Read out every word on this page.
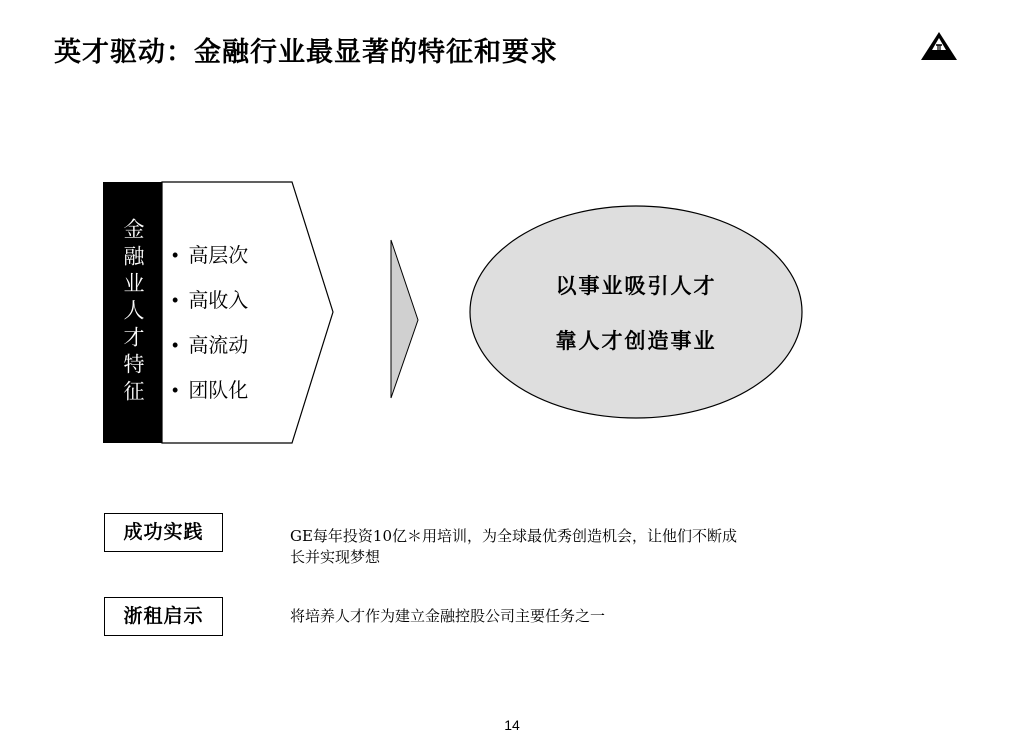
英才驱动：金融行业最显著的特征和要求
金融业人才特征
• 高层次
•
高收入
•
高流动
•
团队化
以事业吸引人才
靠人才创造事业
成功实践	GE每年投资10亿＊用培训，为全球最优秀创造机会，让他们不断成长并实现梦想
浙租启示	将培养人才作为建立金融控股公司主要任务之一
14
